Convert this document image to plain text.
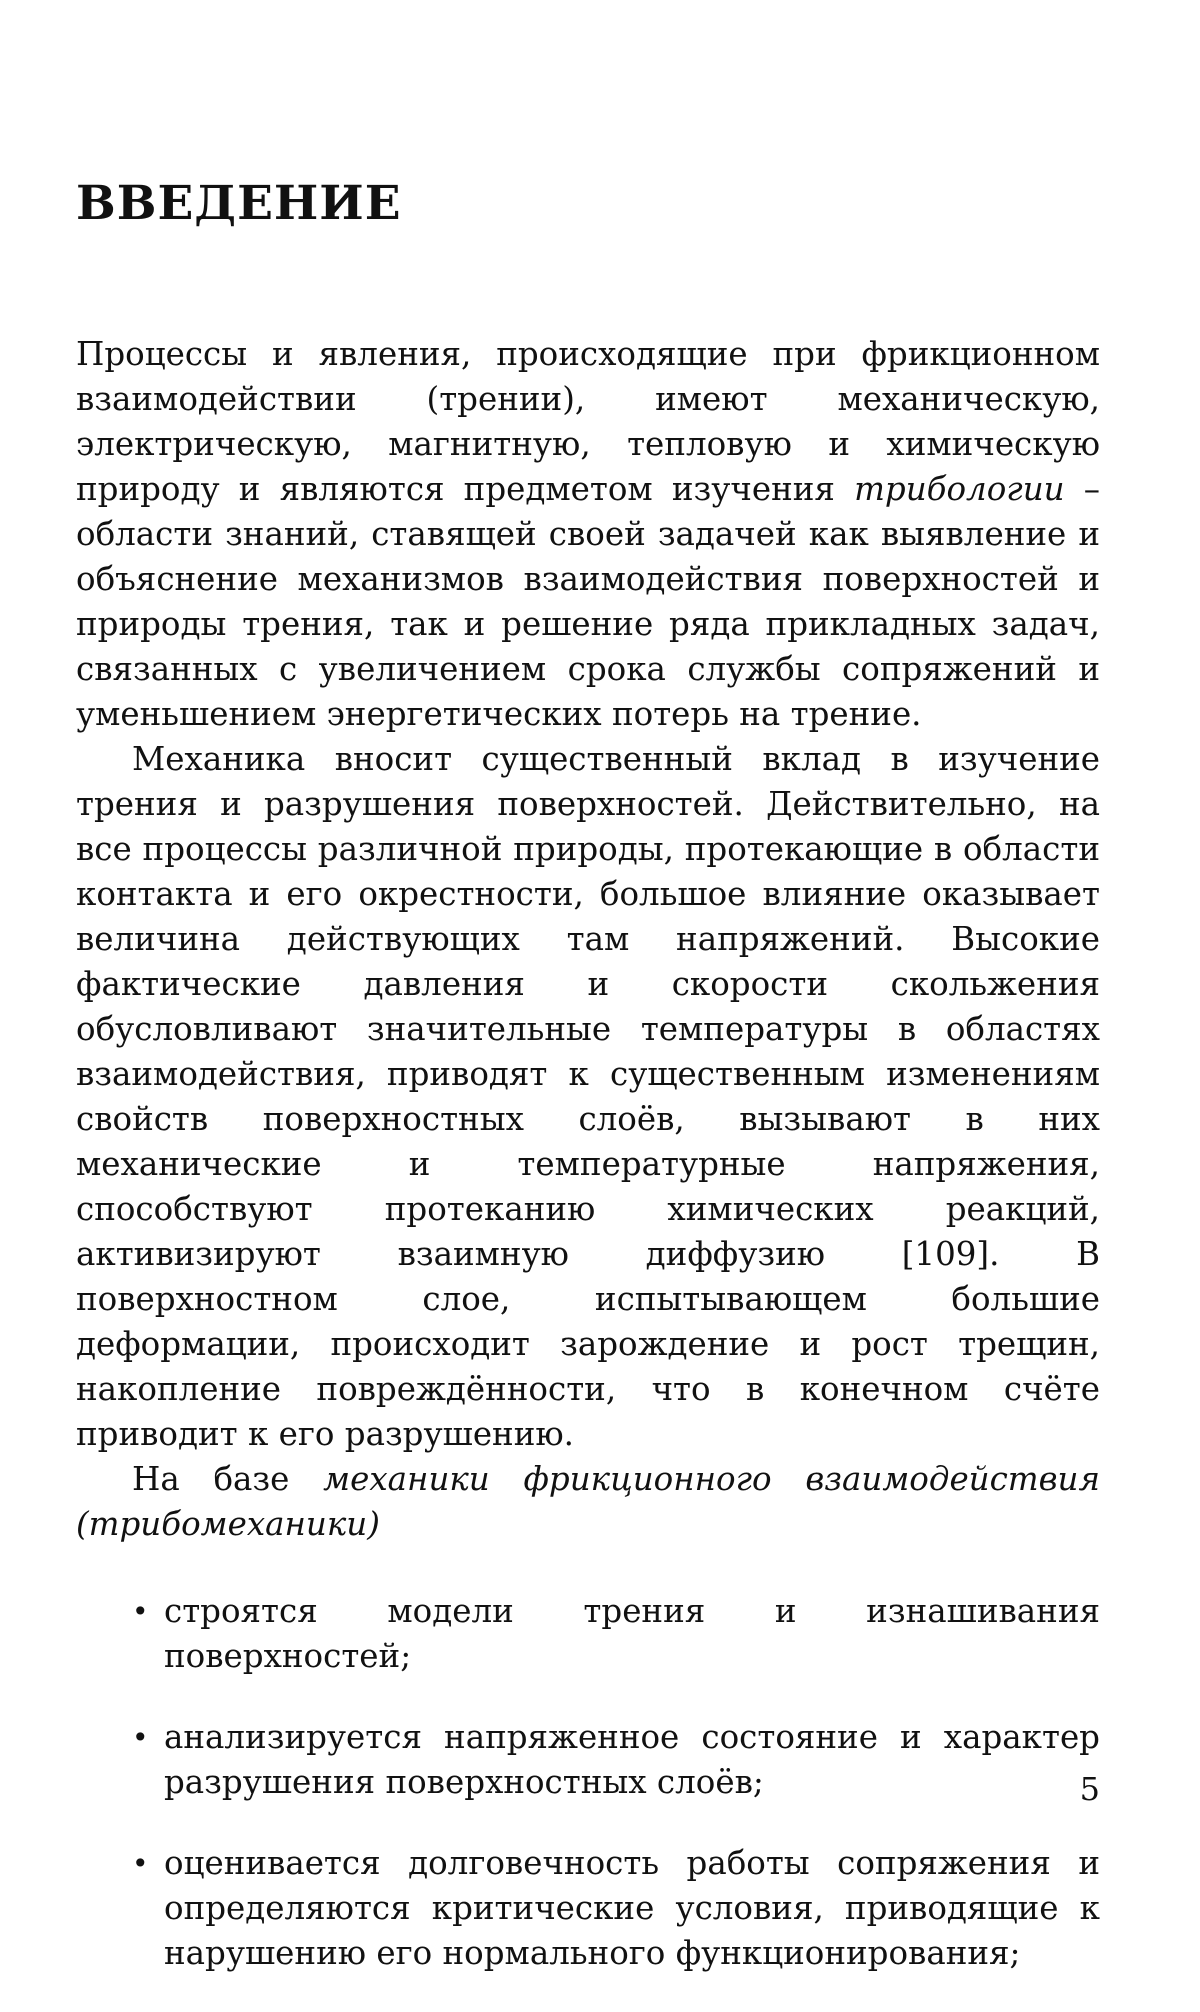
ВВЕДЕНИЕ

Процессы и явления, происходящие при фрикционном взаимодействии (трении), имеют механическую, электрическую, магнитную, тепловую и химическую природу и являются предметом изучения трибологии – области знаний, ставящей своей задачей как выявление и объяснение механизмов взаимодействия поверхностей и природы трения, так и решение ряда прикладных задач, связанных с увеличением срока службы сопряжений и уменьшением энергетических потерь на трение.

Механика вносит существенный вклад в изучение трения и разрушения поверхностей. Действительно, на все процессы различной природы, протекающие в области контакта и его окрестности, большое влияние оказывает величина действующих там напряжений. Высокие фактические давления и скорости скольжения обусловливают значительные температуры в областях взаимодействия, приводят к существенным изменениям свойств поверхностных слоёв, вызывают в них механические и температурные напряжения, способствуют протеканию химических реакций, активизируют взаимную диффузию [109]. В поверхностном слое, испытывающем большие деформации, происходит зарождение и рост трещин, накопление повреждённости, что в конечном счёте приводит к его разрушению.

На базе механики фрикционного взаимодействия (трибомеханики)

• строятся модели трения и изнашивания поверхностей;
• анализируется напряженное состояние и характер разрушения поверхностных слоёв;
• оценивается долговечность работы сопряжения и определяются критические условия, приводящие к нарушению его нормального функционирования;

5
